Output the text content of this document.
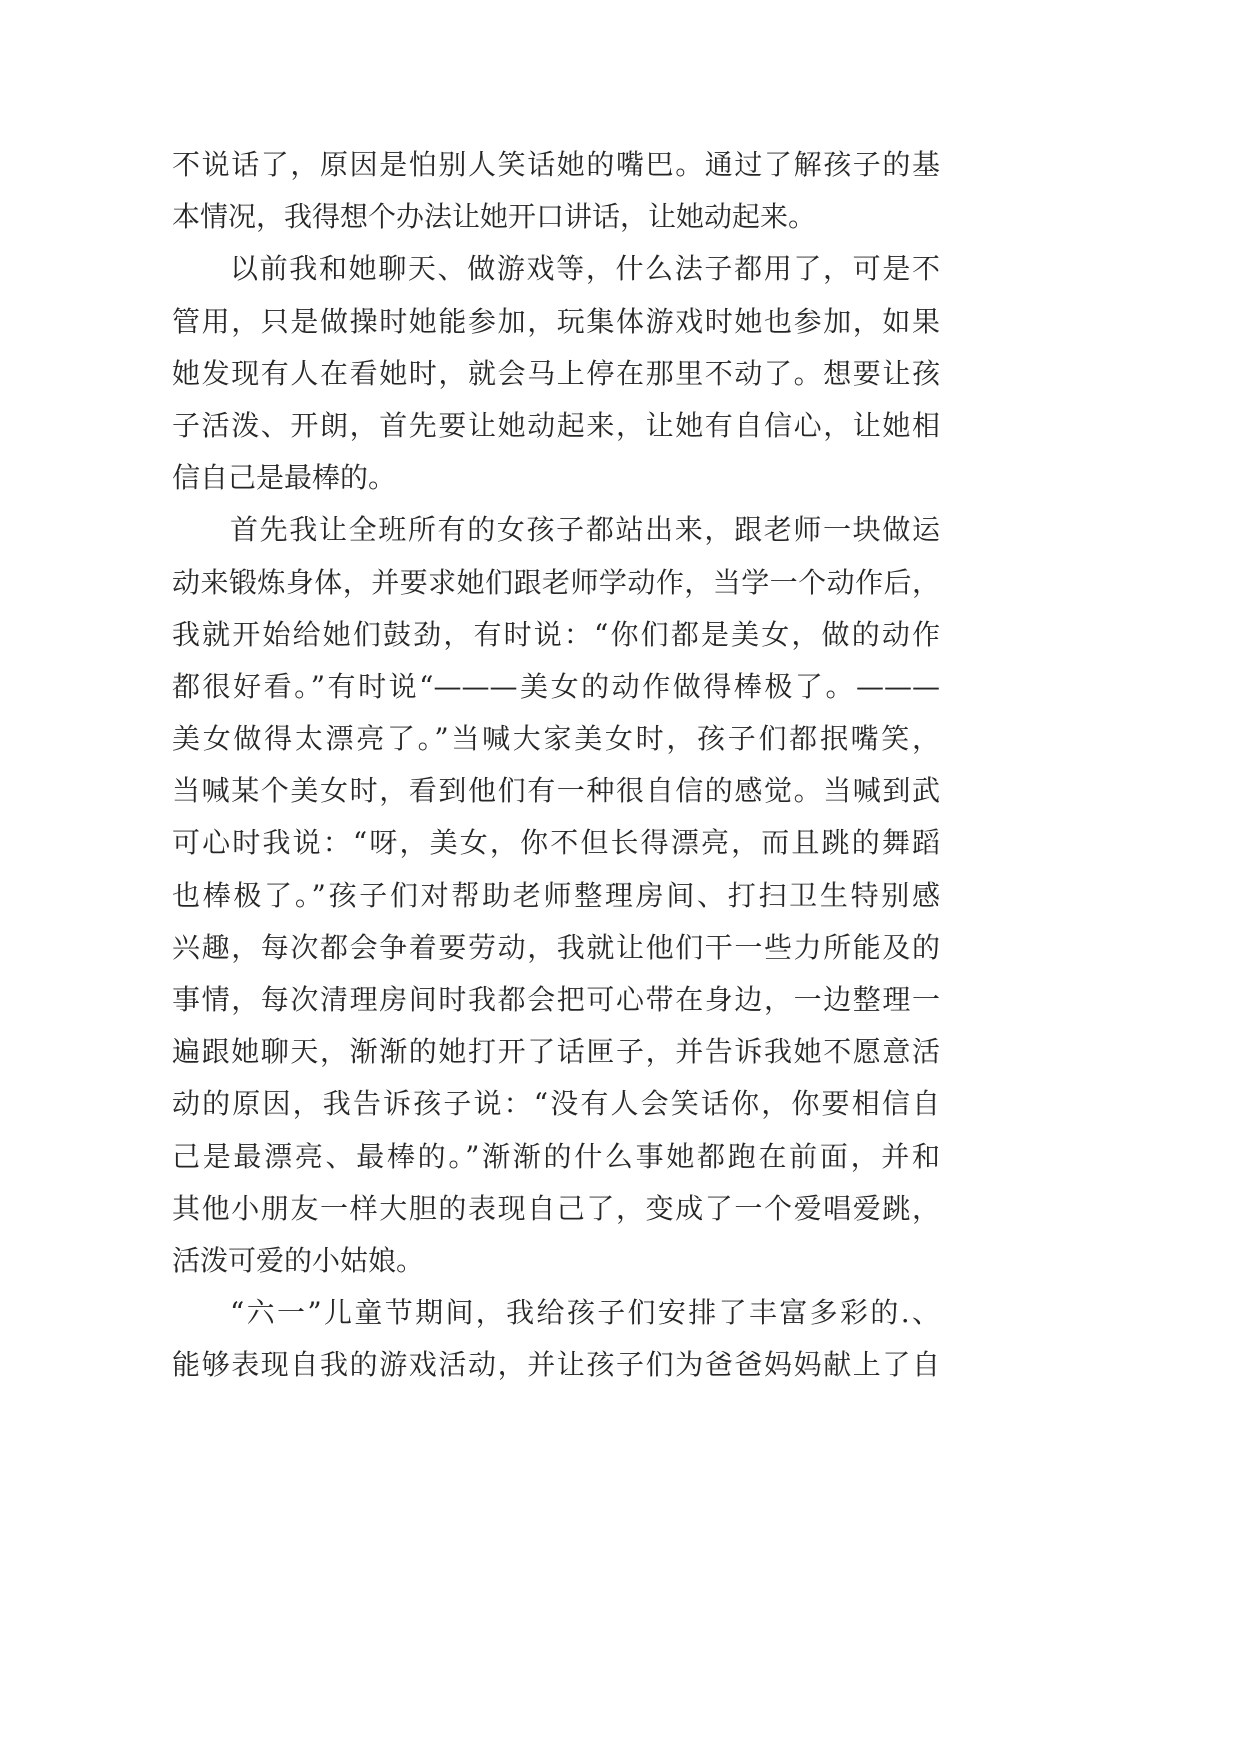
不说话了，原因是怕别人笑话她的嘴巴。通过了解孩子的基
本情况，我得想个办法让她开口讲话，让她动起来。
以前我和她聊天、做游戏等，什么法子都用了，可是不
管用，只是做操时她能参加，玩集体游戏时她也参加，如果
她发现有人在看她时，就会马上停在那里不动了。想要让孩
子活泼、开朗，首先要让她动起来，让她有自信心，让她相
信自己是最棒的。
首先我让全班所有的女孩子都站出来，跟老师一块做运
动来锻炼身体，并要求她们跟老师学动作，当学一个动作后，
我就开始给她们鼓劲，有时说：“你们都是美女，做的动作
都很好看。”有时说“———美女的动作做得棒极了。———
美女做得太漂亮了。”当喊大家美女时，孩子们都抿嘴笑，
当喊某个美女时，看到他们有一种很自信的感觉。当喊到武
可心时我说：“呀，美女，你不但长得漂亮，而且跳的舞蹈
也棒极了。”孩子们对帮助老师整理房间、打扫卫生特别感
兴趣，每次都会争着要劳动，我就让他们干一些力所能及的
事情，每次清理房间时我都会把可心带在身边，一边整理一
遍跟她聊天，渐渐的她打开了话匣子，并告诉我她不愿意活
动的原因，我告诉孩子说：“没有人会笑话你，你要相信自
己是最漂亮、最棒的。”渐渐的什么事她都跑在前面，并和
其他小朋友一样大胆的表现自己了，变成了一个爱唱爱跳，
活泼可爱的小姑娘。
“六一”儿童节期间，我给孩子们安排了丰富多彩的.、
能够表现自我的游戏活动，并让孩子们为爸爸妈妈献上了自
